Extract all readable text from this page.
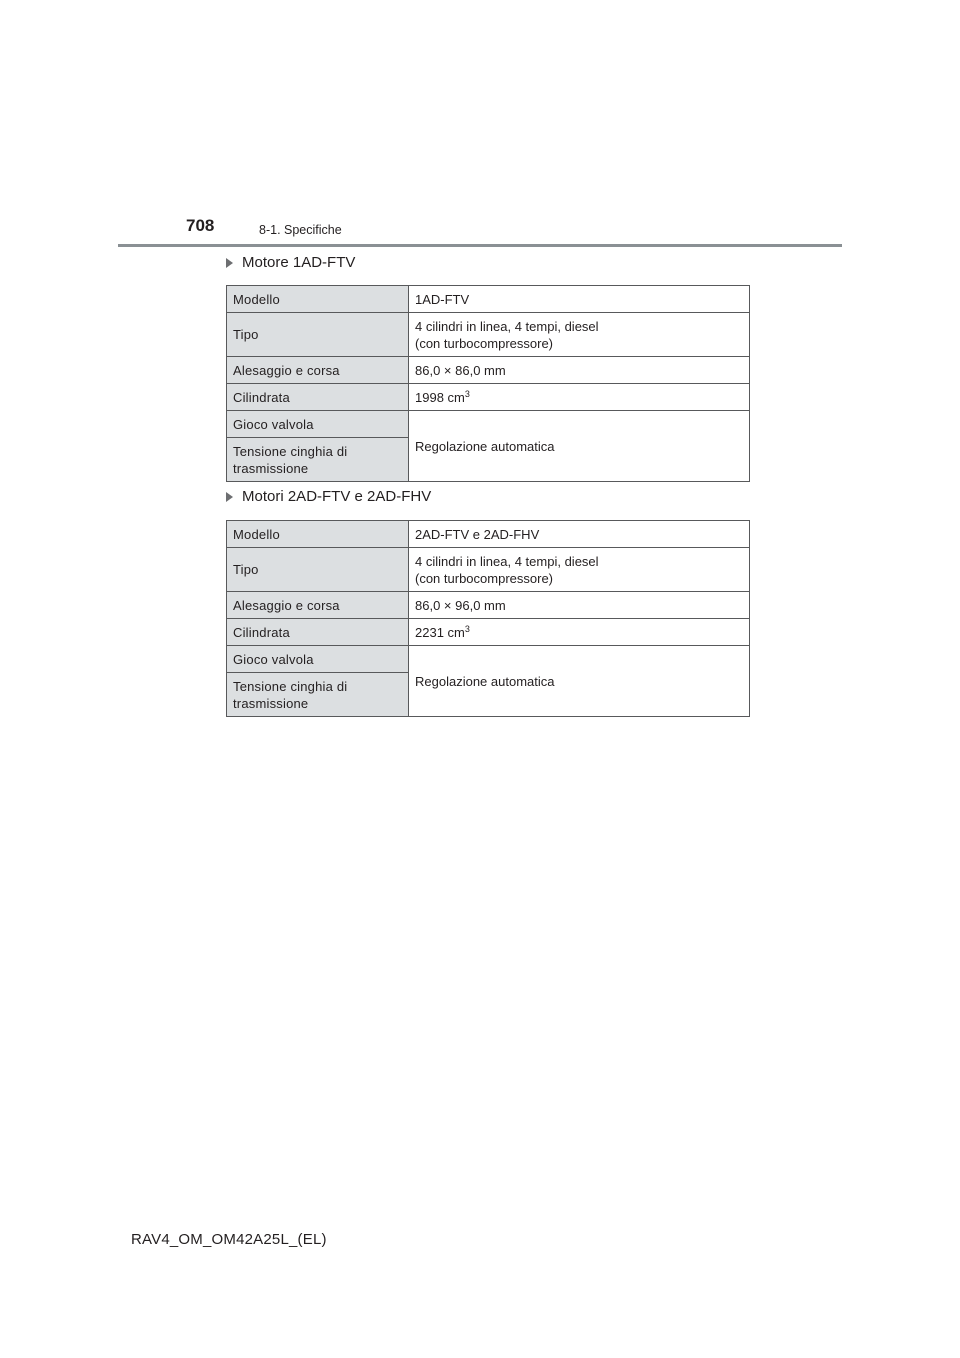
708	8-1. Specifiche
Motore 1AD-FTV
Modello	1AD-FTV
Tipo	4 cilindri in linea, 4 tempi, diesel
(con turbocompressore)

Alesaggio e corsa	86,0 × 86,0 mm
Cilindrata	1998 $cm^3$
Gioco valvola	Regolazione automatica
Tensione cinghia di trasmissione	
Motori 2AD-FTV e 2AD-FHV
Modello	2AD-FTV e 2AD-FHV
Tipo	4 cilindri in linea, 4 tempi, diesel
(con turbocompressore)

Alesaggio e corsa	86,0 × 96,0 mm
Cilindrata	2231 $cm^3$
Gioco valvola	Regolazione automatica
Tensione cinghia di trasmissione	
RAV4_OM_OM42A25L_(EL)
